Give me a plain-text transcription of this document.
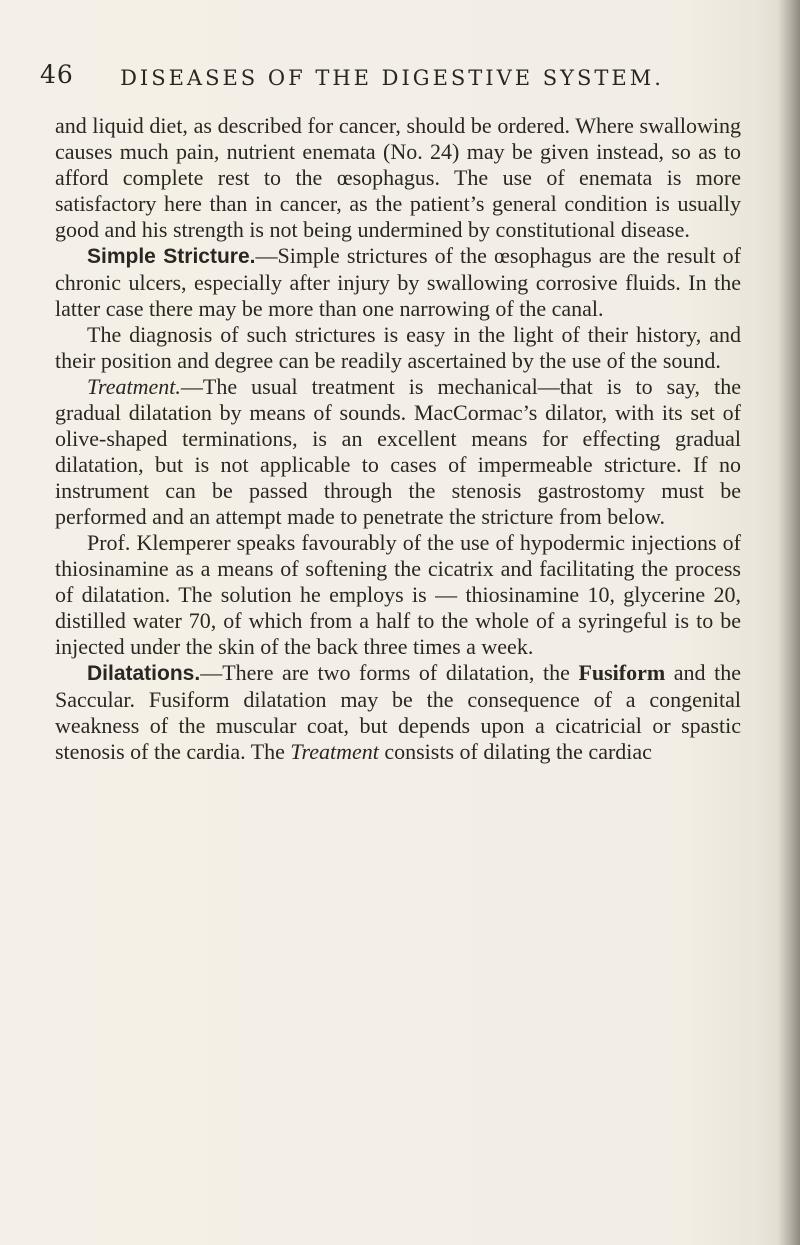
46	DISEASES OF THE DIGESTIVE SYSTEM.

and liquid diet, as described for cancer, should be ordered. Where swallowing causes much pain, nutrient enemata (No. 24) may be given instead, so as to afford complete rest to the œsophagus. The use of enemata is more satisfactory here than in cancer, as the patient’s general condition is usually good and his strength is not being undermined by constitutional disease.

Simple Stricture.—Simple strictures of the œsophagus are the result of chronic ulcers, especially after injury by swallowing corrosive fluids. In the latter case there may be more than one narrowing of the canal.

The diagnosis of such strictures is easy in the light of their history, and their position and degree can be readily ascertained by the use of the sound.

Treatment.—The usual treatment is mechanical—that is to say, the gradual dilatation by means of sounds. MacCormac’s dilator, with its set of olive-shaped terminations, is an excellent means for effecting gradual dilatation, but is not applicable to cases of impermeable stricture. If no instrument can be passed through the stenosis gastrostomy must be performed and an attempt made to penetrate the stricture from below.

Prof. Klemperer speaks favourably of the use of hypodermic injections of thiosinamine as a means of softening the cicatrix and facilitating the process of dilatation. The solution he employs is — thiosinamine 10, glycerine 20, distilled water 70, of which from a half to the whole of a syringeful is to be injected under the skin of the back three times a week.

Dilatations.—There are two forms of dilatation, the Fusiform and the Saccular. Fusiform dilatation may be the consequence of a congenital weakness of the muscular coat, but depends upon a cicatricial or spastic stenosis of the cardia. The Treatment consists of dilating the cardiac
